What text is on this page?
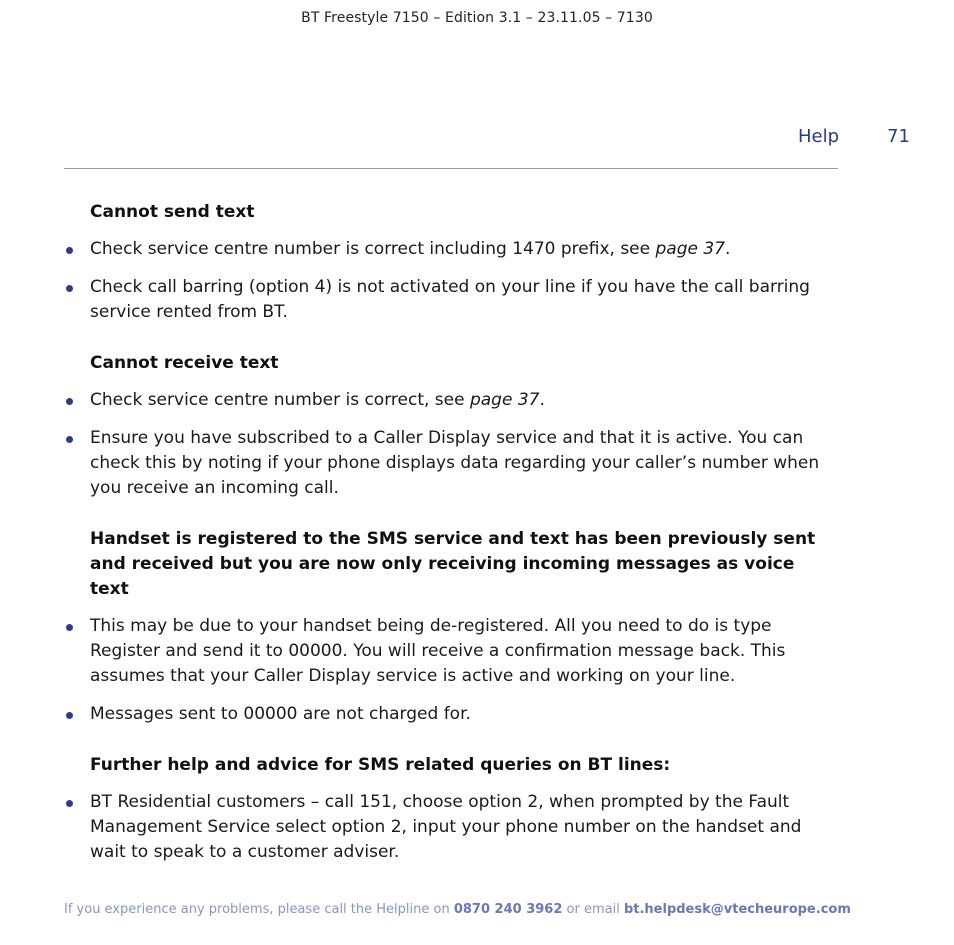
BT Freestyle 7150 – Edition 3.1 – 23.11.05 – 7130
Help	71
Cannot send text
Check service centre number is correct including 1470 prefix, see page 37.
Check call barring (option 4) is not activated on your line if you have the call barring service rented from BT.
Cannot receive text
Check service centre number is correct, see page 37.
Ensure you have subscribed to a Caller Display service and that it is active. You can check this by noting if your phone displays data regarding your caller’s number when you receive an incoming call.
Handset is registered to the SMS service and text has been previously sent and received but you are now only receiving incoming messages as voice text
This may be due to your handset being de-registered. All you need to do is type Register and send it to 00000. You will receive a confirmation message back. This assumes that your Caller Display service is active and working on your line.
Messages sent to 00000 are not charged for.
Further help and advice for SMS related queries on BT lines:
BT Residential customers – call 151, choose option 2, when prompted by the Fault Management Service select option 2, input your phone number on the handset and wait to speak to a customer adviser.
If you experience any problems, please call the Helpline on 0870 240 3962 or email bt.helpdesk@vtecheurope.com
